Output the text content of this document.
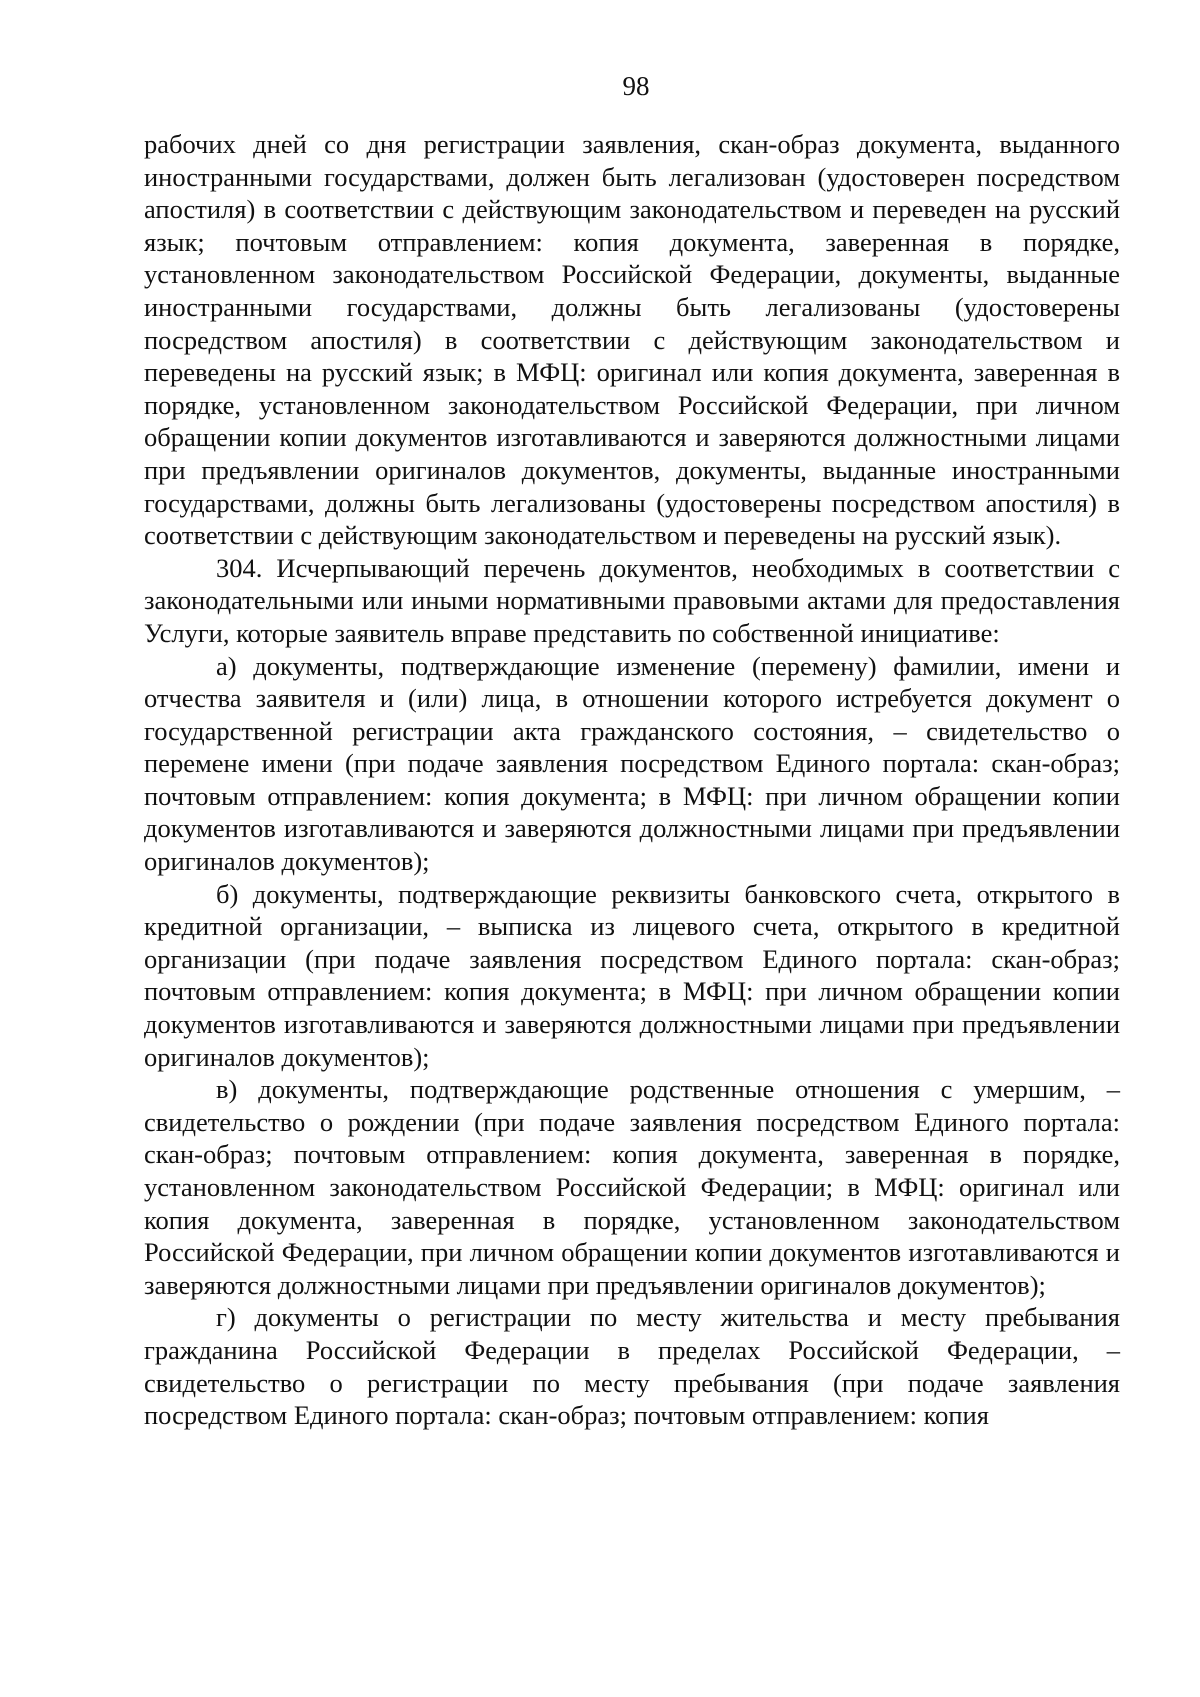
98

рабочих дней со дня регистрации заявления, скан-образ документа, выданного иностранными государствами, должен быть легализован (удостоверен посредством апостиля) в соответствии с действующим законодательством и переведен на русский язык; почтовым отправлением: копия документа, заверенная в порядке, установленном законодательством Российской Федерации, документы, выданные иностранными государствами, должны быть легализованы (удостоверены посредством апостиля) в соответствии с действующим законодательством и переведены на русский язык; в МФЦ: оригинал или копия документа, заверенная в порядке, установленном законодательством Российской Федерации, при личном обращении копии документов изготавливаются и заверяются должностными лицами при предъявлении оригиналов документов, документы, выданные иностранными государствами, должны быть легализованы (удостоверены посредством апостиля) в соответствии с действующим законодательством и переведены на русский язык).

304. Исчерпывающий перечень документов, необходимых в соответствии с законодательными или иными нормативными правовыми актами для предоставления Услуги, которые заявитель вправе представить по собственной инициативе:

а) документы, подтверждающие изменение (перемену) фамилии, имени и отчества заявителя и (или) лица, в отношении которого истребуется документ о государственной регистрации акта гражданского состояния, – свидетельство о перемене имени (при подаче заявления посредством Единого портала: скан-образ; почтовым отправлением: копия документа; в МФЦ: при личном обращении копии документов изготавливаются и заверяются должностными лицами при предъявлении оригиналов документов);

б) документы, подтверждающие реквизиты банковского счета, открытого в кредитной организации, – выписка из лицевого счета, открытого в кредитной организации (при подаче заявления посредством Единого портала: скан-образ; почтовым отправлением: копия документа; в МФЦ: при личном обращении копии документов изготавливаются и заверяются должностными лицами при предъявлении оригиналов документов);

в) документы, подтверждающие родственные отношения с умершим, – свидетельство о рождении (при подаче заявления посредством Единого портала: скан-образ; почтовым отправлением: копия документа, заверенная в порядке, установленном законодательством Российской Федерации; в МФЦ: оригинал или копия документа, заверенная в порядке, установленном законодательством Российской Федерации, при личном обращении копии документов изготавливаются и заверяются должностными лицами при предъявлении оригиналов документов);

г) документы о регистрации по месту жительства и месту пребывания гражданина Российской Федерации в пределах Российской Федерации, – свидетельство о регистрации по месту пребывания (при подаче заявления посредством Единого портала: скан-образ; почтовым отправлением: копия
